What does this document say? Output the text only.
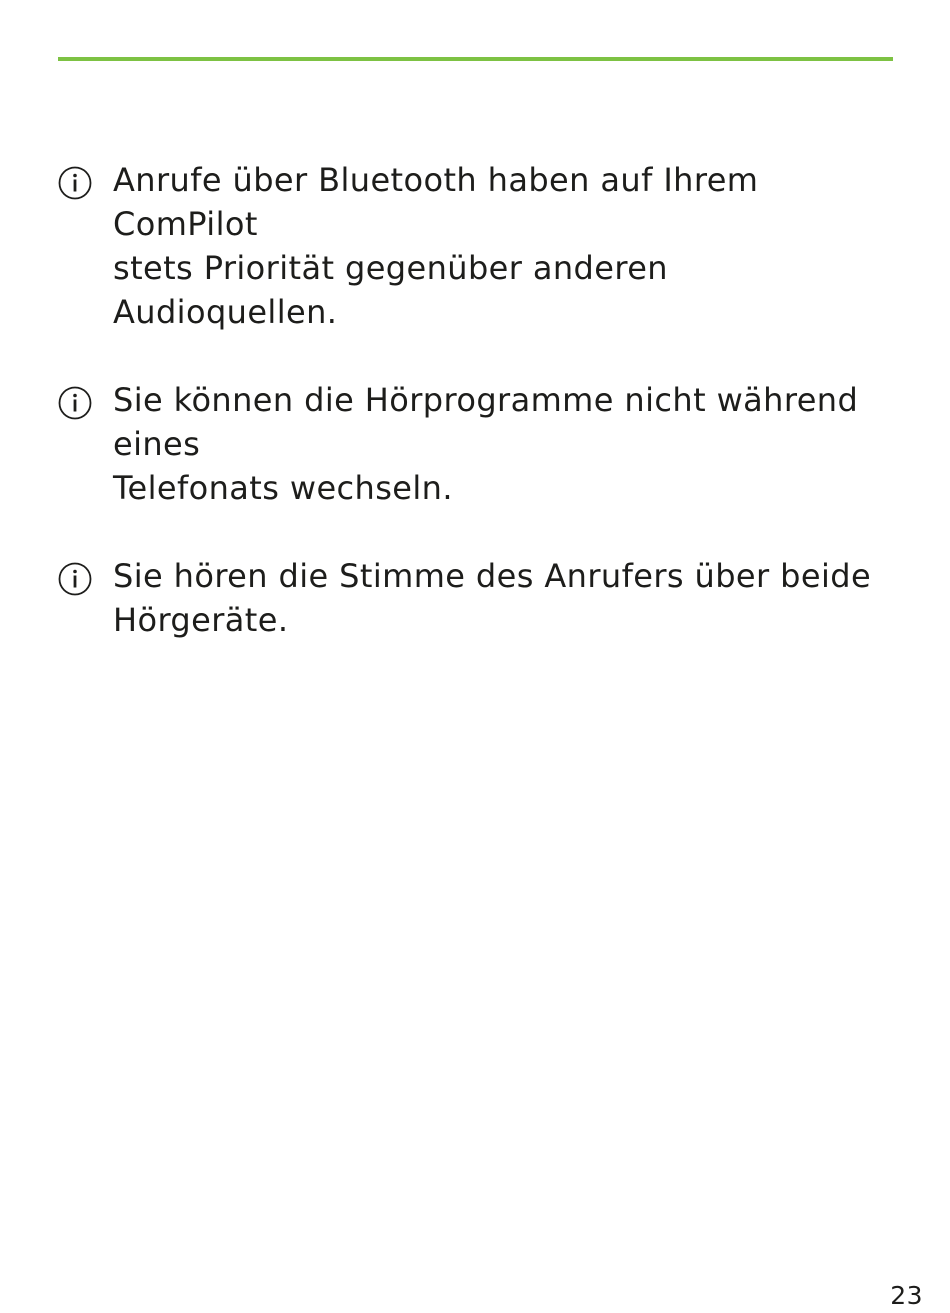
Anrufe über Bluetooth haben auf Ihrem ComPilot
stets Priorität gegenüber anderen Audioquellen.
Sie können die Hörprogramme nicht während eines
Telefonats wechseln.
Sie hören die Stimme des Anrufers über beide
Hörgeräte.
23
